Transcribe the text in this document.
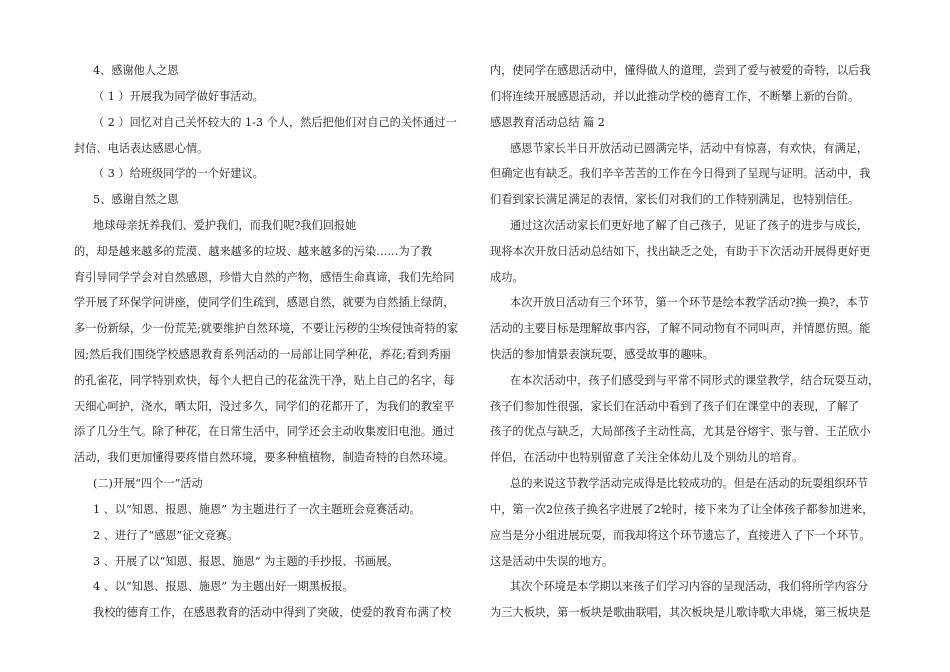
4、感谢他人之恩

（ 1 ）开展我为同学做好事活动。

（ 2 ）回忆对自己关怀较大的 1-3 个人，然后把他们对自己的关怀通过一

封信、电话表达感恩心情。

（ 3 ）给班级同学的一个好建议。

5、感谢自然之恩

地球母亲抚养我们、爱护我们，而我们呢?我们回报她

的，却是越来越多的荒漠、越来越多的垃圾、越来越多的污染……为了教

育引导同学学会对自然感恩，珍惜大自然的产物，感悟生命真谛，我们先给同

学开展了环保学问讲座，使同学们生疏到，感恩自然，就要为自然插上绿荫，

多一份新绿，少一份荒芜;就要维护自然环境，不要让污秽的尘埃侵蚀奇特的家

园;然后我们围绕学校感恩教育系列活动的一局部让同学种花，养花;看到秀丽

的孔雀花，同学特别欢快，每个人把自己的花盆洗干净，贴上自己的名字，每

天细心呵护，浇水，晒太阳，没过多久，同学们的花都开了，为我们的教室平

添了几分生气。除了种花，在日常生活中，同学还会主动收集废旧电池。通过

活动，我们更加懂得要疼惜自然环境，要多种植植物，制造奇特的自然环境。

(二)开展“四个一”活动

1 、以“知恩、报恩、施恩” 为主题进行了一次主题班会竞赛活动。

2 、进行了“感恩”征文竞赛。

3 、开展了以“知恩、报恩、施恩” 为主题的手抄报、书画展。

4 、以“知恩、报恩、施恩” 为主题出好一期黑板报。

我校的德育工作，在感恩教育的活动中得到了突破，使爱的教育布满了校

内，使同学在感恩活动中，懂得做人的道理，尝到了爱与被爱的奇特，以后我

们将连续开展感恩活动，并以此推动学校的德育工作，不断攀上新的台阶。

感恩教育活动总结 篇 2

感恩节家长半日开放活动已圆满完毕，活动中有惊喜，有欢快，有满足，

但确定也有缺乏。我们辛辛苦苦的工作在今日得到了呈现与证明。活动中，我

们看到家长满足满足的表情，家长们对我们的工作特别满足，也特别信任。

通过这次活动家长们更好地了解了自己孩子，见证了孩子的进步与成长，

现将本次开放日活动总结如下，找出缺乏之处，有助于下次活动开展得更好更

成功。

本次开放日活动有三个环节，第一个环节是绘本教学活动?换一换?，本节

活动的主要目标是理解故事内容，了解不同动物有不同叫声，并情愿仿照。能

快活的参加情景表演玩耍，感受故事的趣味。

在本次活动中，孩子们感受到与平常不同形式的课堂教学，结合玩耍互动，

孩子们参加性很强，家长们在活动中看到了孩子们在课堂中的表现，了解了

孩子的优点与缺乏，大局部孩子主动性高，尤其是谷熔宇、张与曾、王芷欣小

伴侣，在活动中也特别留意了关注全体幼儿及个别幼儿的培育。

总的来说这节教学活动完成得是比较成功的。但是在活动的玩耍组织环节

中，第一次2位孩子换名字进展了2轮时，接下来为了让全体孩子都参加进来，

应当是分小组进展玩耍，而我却将这个环节遗忘了，直接进入了下一个环节。

这是活动中失误的地方。

其次个环境是本学期以来孩子们学习内容的呈现活动，我们将所学内容分

为三大板块，第一板块是歌曲联唱，其次板块是儿歌诗歌大串烧，第三板块是
